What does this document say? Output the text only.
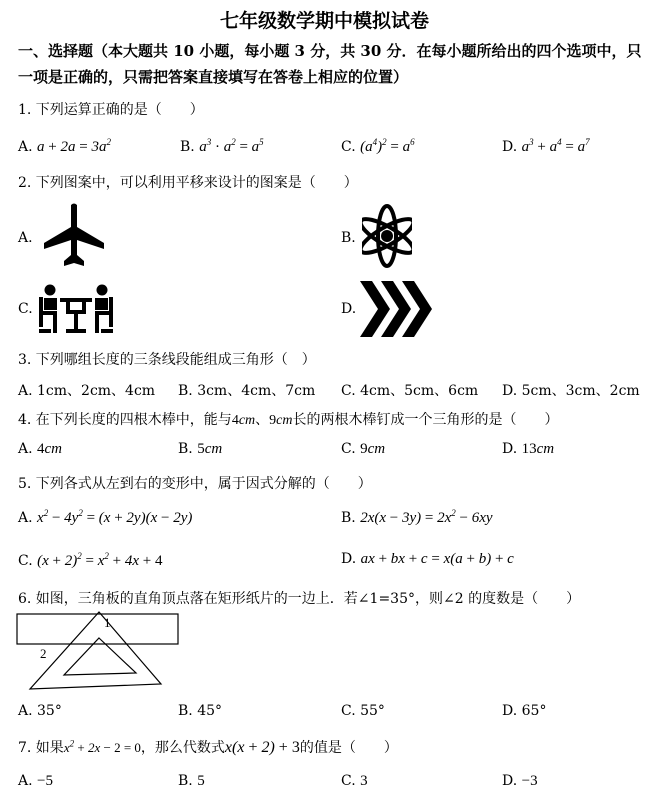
七年级数学期中模拟试卷
一、选择题（本大题共 10 小题，每小题 3 分，共 30 分．在每小题所给出的四个选项中，只
一项是正确的，只需把答案直接填写在答卷上相应的位置）
1. 下列运算正确的是（　　）
A. $a + 2a = 3a^2$	B. $a^3 \cdot a^2 = a^5$	C. $(a^4)^2 = a^6$	D. $a^3 + a^4 = a^7$
2. 下列图案中，可以利用平移来设计的图案是（　　）
A.	B.
C.	D.
3. 下列哪组长度的三条线段能组成三角形（　）
A. 1cm、2cm、4cm B. 3cm、4cm、7cm C. 4cm、5cm、6cm D. 5cm、3cm、2cm
4. 在下列长度的四根木棒中，能与4cm、9cm长的两根木棒钉成一个三角形的是（　　）
A. 4cm	B. 5cm	C. 9cm	D. 13cm
5. 下列各式从左到右的变形中，属于因式分解的（　　）
A. $x^2 - 4y^2 = (x + 2y)(x - 2y)$	B. $2x(x - 3y) = 2x^2 - 6xy$
C. $(x + 2)^2 = x^2 + 4x + 4$	D. ax + bx + c = x(a + b) + c
6. 如图，三角板的直角顶点落在矩形纸片的一边上．若∠1=35°，则∠2 的度数是（　　）
1
2
A. 35°	B. 45°	C. 55°	D. 65°
7. 如果$x^2 + 2x - 2 = 0$，那么代数式x(x + 2) + 3的值是（　　）
A. −5	B. 5	C. 3	D. −3
